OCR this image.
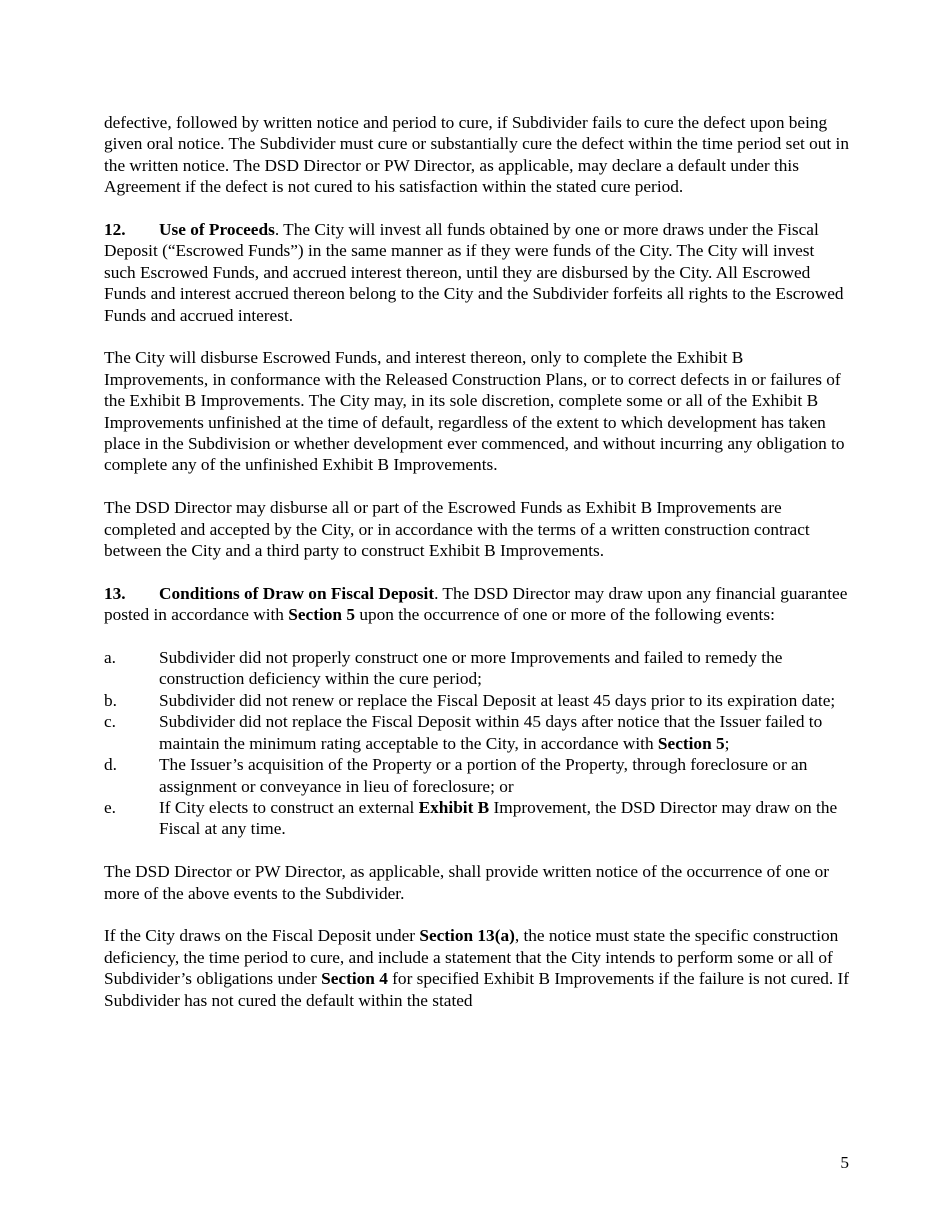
defective, followed by written notice and period to cure, if Subdivider fails to cure the defect upon being given oral notice. The Subdivider must cure or substantially cure the defect within the time period set out in the written notice. The DSD Director or PW Director, as applicable, may declare a default under this Agreement if the defect is not cured to his satisfaction within the stated cure period.

12. Use of Proceeds. The City will invest all funds obtained by one or more draws under the Fiscal Deposit (“Escrowed Funds”) in the same manner as if they were funds of the City. The City will invest such Escrowed Funds, and accrued interest thereon, until they are disbursed by the City. All Escrowed Funds and interest accrued thereon belong to the City and the Subdivider forfeits all rights to the Escrowed Funds and accrued interest.

The City will disburse Escrowed Funds, and interest thereon, only to complete the Exhibit B Improvements, in conformance with the Released Construction Plans, or to correct defects in or failures of the Exhibit B Improvements. The City may, in its sole discretion, complete some or all of the Exhibit B Improvements unfinished at the time of default, regardless of the extent to which development has taken place in the Subdivision or whether development ever commenced, and without incurring any obligation to complete any of the unfinished Exhibit B Improvements.

The DSD Director may disburse all or part of the Escrowed Funds as Exhibit B Improvements are completed and accepted by the City, or in accordance with the terms of a written construction contract between the City and a third party to construct Exhibit B Improvements.

13. Conditions of Draw on Fiscal Deposit. The DSD Director may draw upon any financial guarantee posted in accordance with Section 5 upon the occurrence of one or more of the following events:

a. Subdivider did not properly construct one or more Improvements and failed to remedy the construction deficiency within the cure period;
b. Subdivider did not renew or replace the Fiscal Deposit at least 45 days prior to its expiration date;
c. Subdivider did not replace the Fiscal Deposit within 45 days after notice that the Issuer failed to maintain the minimum rating acceptable to the City, in accordance with Section 5;
d. The Issuer’s acquisition of the Property or a portion of the Property, through foreclosure or an assignment or conveyance in lieu of foreclosure; or
e. If City elects to construct an external Exhibit B Improvement, the DSD Director may draw on the Fiscal at any time.

The DSD Director or PW Director, as applicable, shall provide written notice of the occurrence of one or more of the above events to the Subdivider.

If the City draws on the Fiscal Deposit under Section 13(a), the notice must state the specific construction deficiency, the time period to cure, and include a statement that the City intends to perform some or all of Subdivider’s obligations under Section 4 for specified Exhibit B Improvements if the failure is not cured. If Subdivider has not cured the default within the stated

5
